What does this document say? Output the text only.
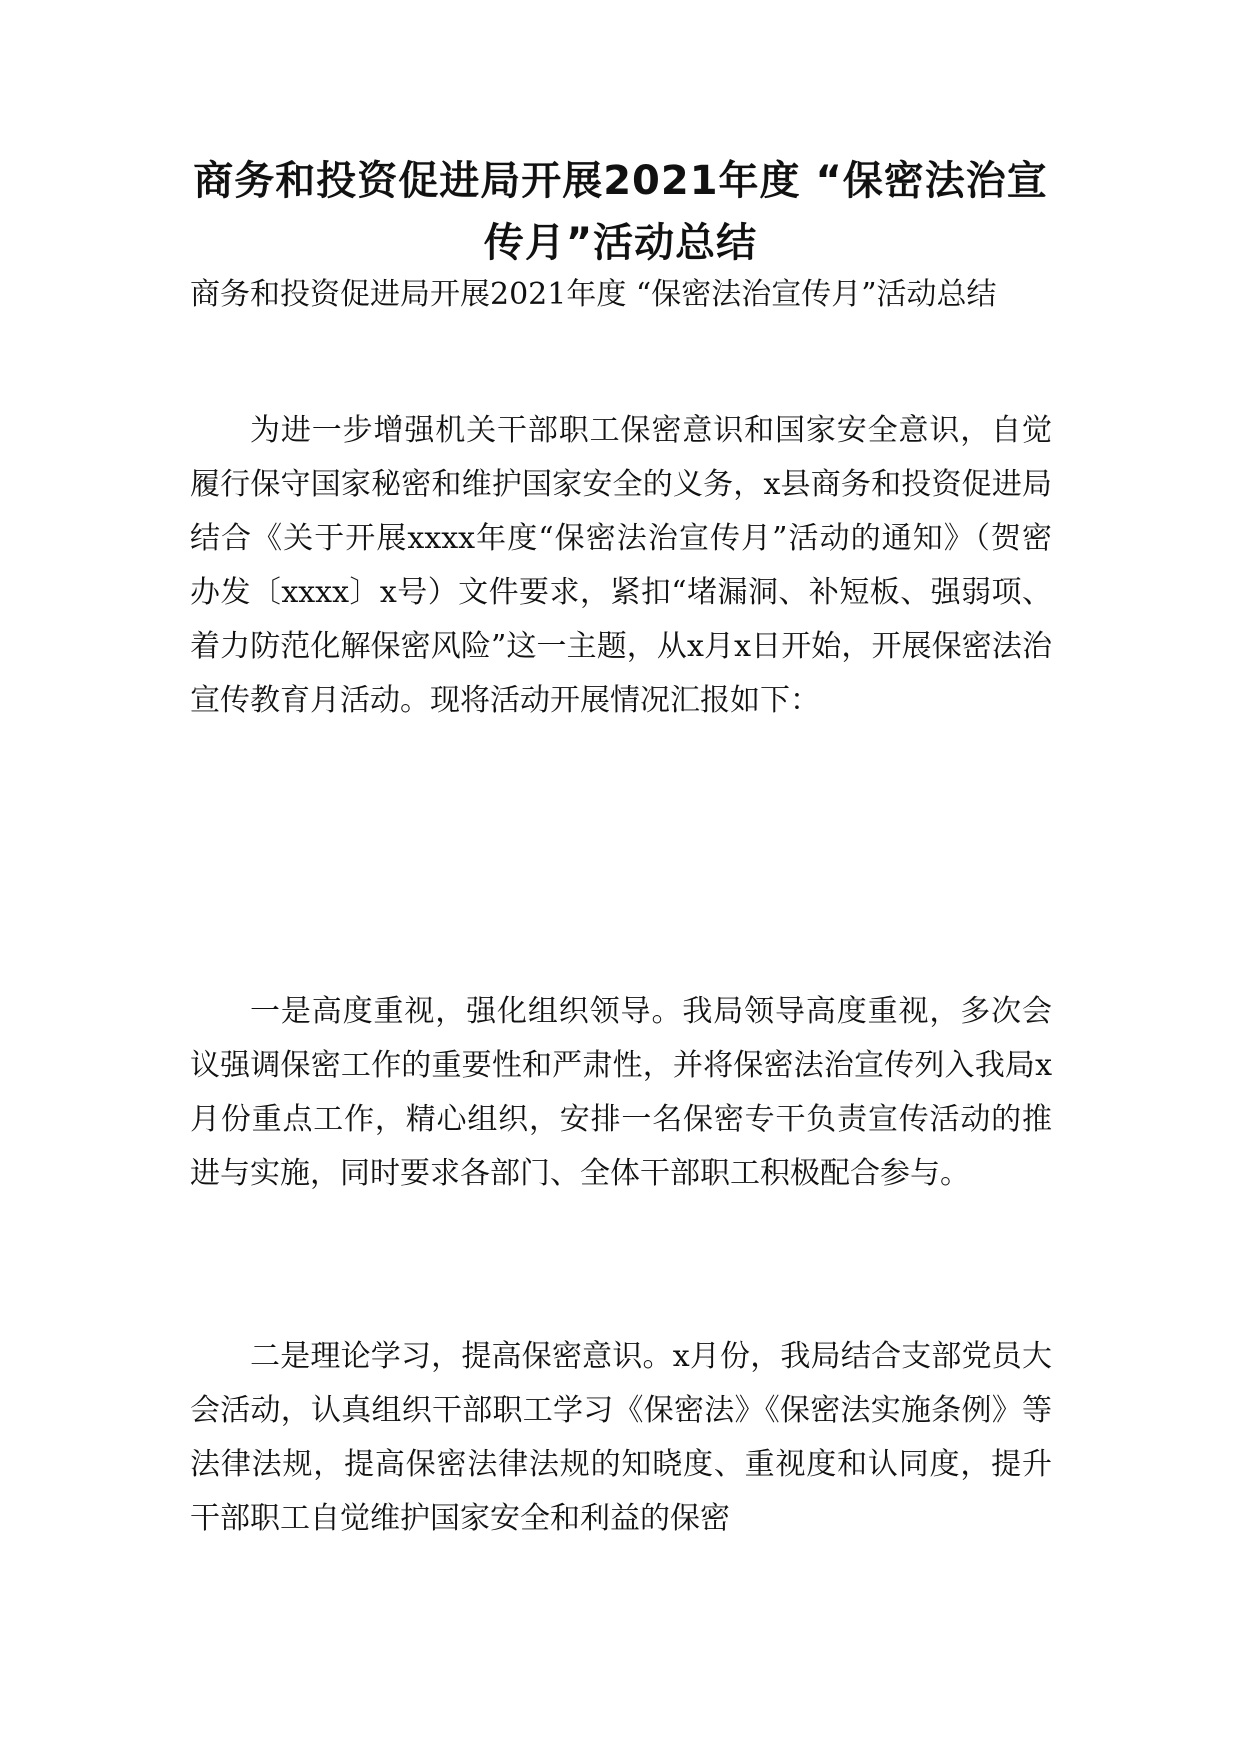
商务和投资促进局开展2021年度 “保密法治宣传月”活动总结

商务和投资促进局开展2021年度 “保密法治宣传月”活动总结

为进一步增强机关干部职工保密意识和国家安全意识，自觉履行保守国家秘密和维护国家安全的义务，x县商务和投资促进局结合《关于开展xxxx年度“保密法治宣传月”活动的通知》（贺密办发〔xxxx〕x号）文件要求，紧扣“堵漏洞、补短板、强弱项、着力防范化解保密风险”这一主题，从x月x日开始，开展保密法治宣传教育月活动。现将活动开展情况汇报如下：

一是高度重视，强化组织领导。我局领导高度重视，多次会议强调保密工作的重要性和严肃性，并将保密法治宣传列入我局x月份重点工作，精心组织，安排一名保密专干负责宣传活动的推进与实施，同时要求各部门、全体干部职工积极配合参与。

二是理论学习，提高保密意识。x月份，我局结合支部党员大会活动，认真组织干部职工学习《保密法》《保密法实施条例》等法律法规，提高保密法律法规的知晓度、重视度和认同度，提升干部职工自觉维护国家安全和利益的保密
